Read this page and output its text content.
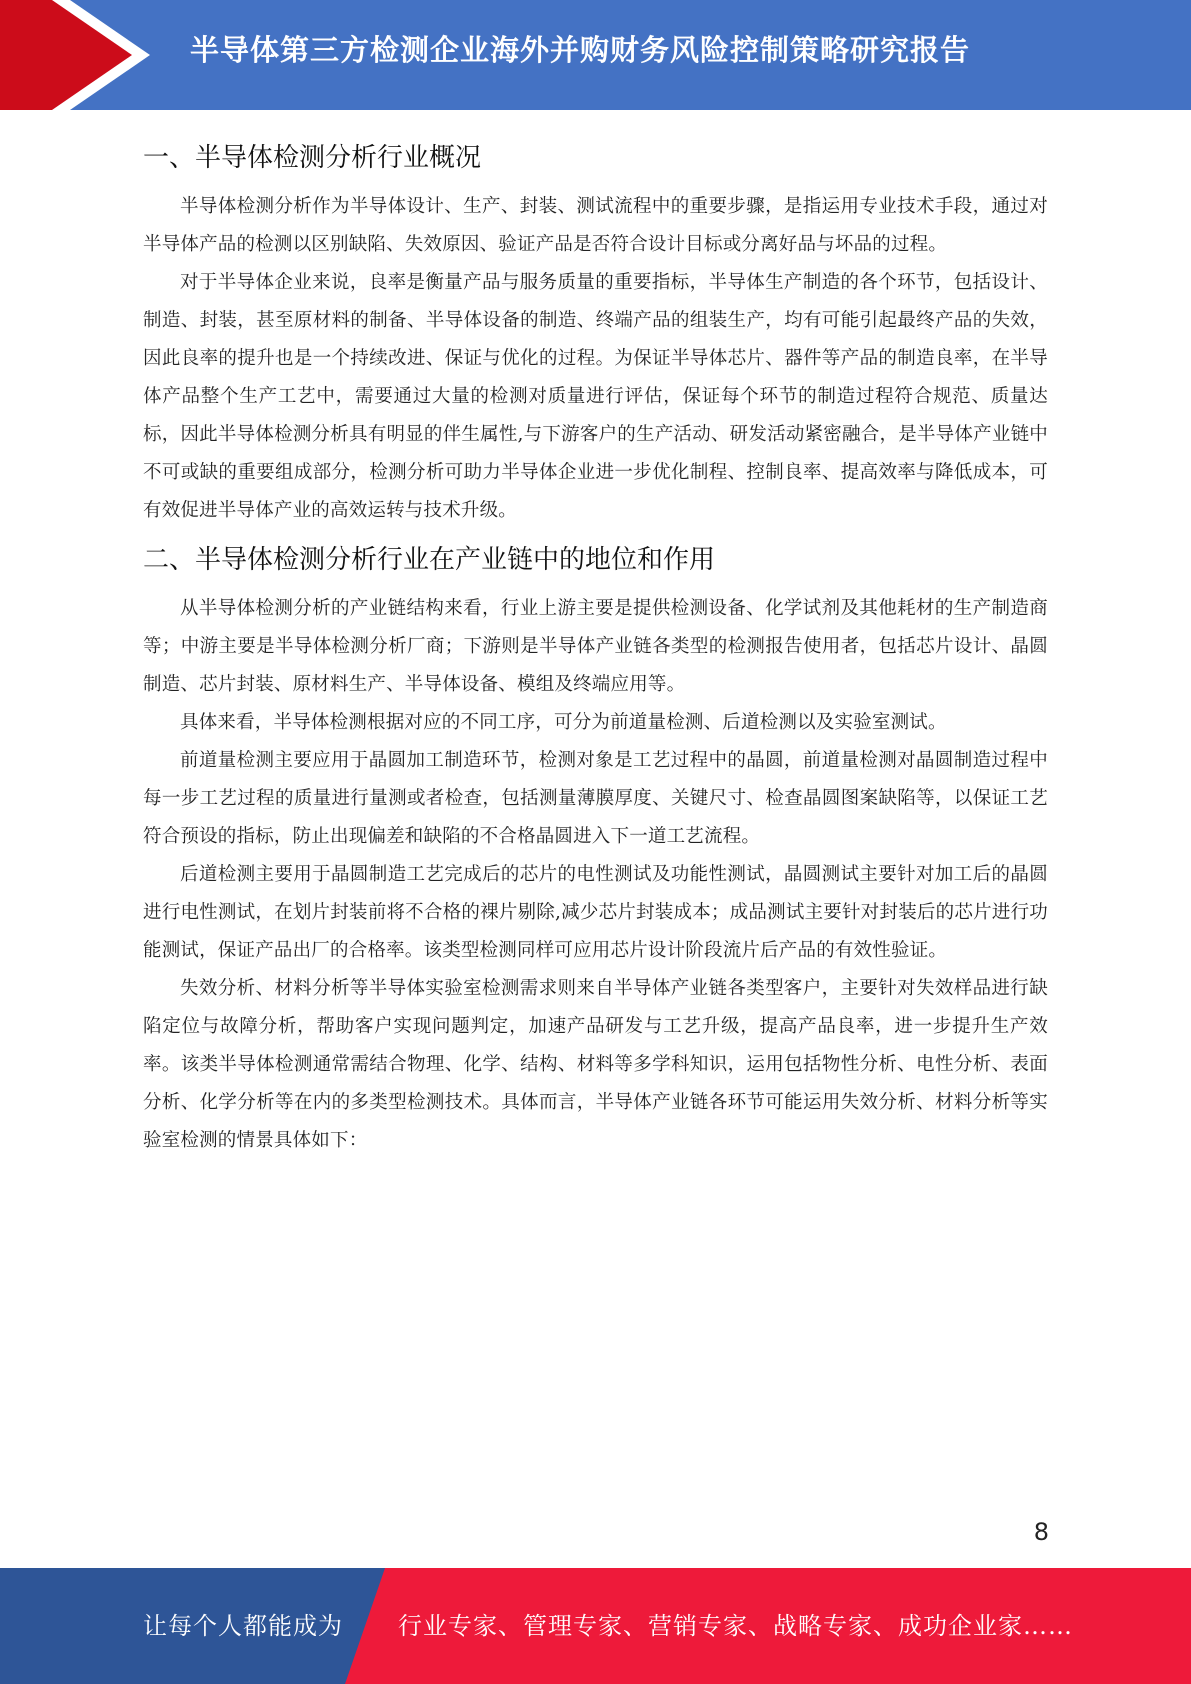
半导体第三方检测企业海外并购财务风险控制策略研究报告
一、半导体检测分析行业概况

半导体检测分析作为半导体设计、生产、封装、测试流程中的重要步骤，是指运用专业技术手段，通过对半导体产品的检测以区别缺陷、失效原因、验证产品是否符合设计目标或分离好品与坏品的过程。

对于半导体企业来说，良率是衡量产品与服务质量的重要指标，半导体生产制造的各个环节，包括设计、制造、封装，甚至原材料的制备、半导体设备的制造、终端产品的组装生产，均有可能引起最终产品的失效，因此良率的提升也是一个持续改进、保证与优化的过程。为保证半导体芯片、器件等产品的制造良率，在半导体产品整个生产工艺中，需要通过大量的检测对质量进行评估，保证每个环节的制造过程符合规范、质量达标，因此半导体检测分析具有明显的伴生属性,与下游客户的生产活动、研发活动紧密融合，是半导体产业链中不可或缺的重要组成部分，检测分析可助力半导体企业进一步优化制程、控制良率、提高效率与降低成本，可有效促进半导体产业的高效运转与技术升级。

二、半导体检测分析行业在产业链中的地位和作用

从半导体检测分析的产业链结构来看，行业上游主要是提供检测设备、化学试剂及其他耗材的生产制造商等；中游主要是半导体检测分析厂商；下游则是半导体产业链各类型的检测报告使用者，包括芯片设计、晶圆制造、芯片封装、原材料生产、半导体设备、模组及终端应用等。

具体来看，半导体检测根据对应的不同工序，可分为前道量检测、后道检测以及实验室测试。

前道量检测主要应用于晶圆加工制造环节，检测对象是工艺过程中的晶圆，前道量检测对晶圆制造过程中每一步工艺过程的质量进行量测或者检查，包括测量薄膜厚度、关键尺寸、检查晶圆图案缺陷等，以保证工艺符合预设的指标，防止出现偏差和缺陷的不合格晶圆进入下一道工艺流程。

后道检测主要用于晶圆制造工艺完成后的芯片的电性测试及功能性测试，晶圆测试主要针对加工后的晶圆进行电性测试，在划片封装前将不合格的裸片剔除,减少芯片封装成本；成品测试主要针对封装后的芯片进行功能测试，保证产品出厂的合格率。该类型检测同样可应用芯片设计阶段流片后产品的有效性验证。

失效分析、材料分析等半导体实验室检测需求则来自半导体产业链各类型客户，主要针对失效样品进行缺陷定位与故障分析，帮助客户实现问题判定，加速产品研发与工艺升级，提高产品良率，进一步提升生产效率。该类半导体检测通常需结合物理、化学、结构、材料等多学科知识，运用包括物性分析、电性分析、表面分析、化学分析等在内的多类型检测技术。具体而言，半导体产业链各环节可能运用失效分析、材料分析等实验室检测的情景具体如下：

8
让每个人都能成为 行业专家、管理专家、营销专家、战略专家、成功企业家……
